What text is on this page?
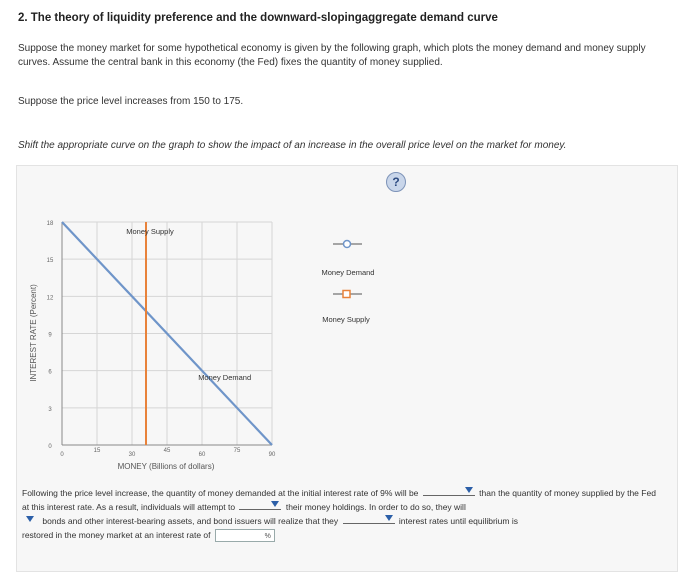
2. The theory of liquidity preference and the downward-slopingaggregate demand curve
Suppose the money market for some hypothetical economy is given by the following graph, which plots the money demand and money supply curves. Assume the central bank in this economy (the Fed) fixes the quantity of money supplied.
Suppose the price level increases from 150 to 175.
Shift the appropriate curve on the graph to show the impact of an increase in the overall price level on the market for money.
?
18
15
12
9
6
3
0
0
15
30
45
60
75
90
INTEREST RATE (Percent)
MONEY (Billions of dollars)
Money Supply
Money Demand
Money Demand
Money Supply
Following the price level increase, the quantity of money demanded at the initial interest rate of 9% will be	than the quantity of money supplied by the Fed at this interest rate. As a result, individuals will attempt to	their money holdings. In order to do so, they will

bonds and other interest-bearing assets, and bond issuers will realize that they	interest rates until equilibrium is
restored in the money market at an interest rate of	%
